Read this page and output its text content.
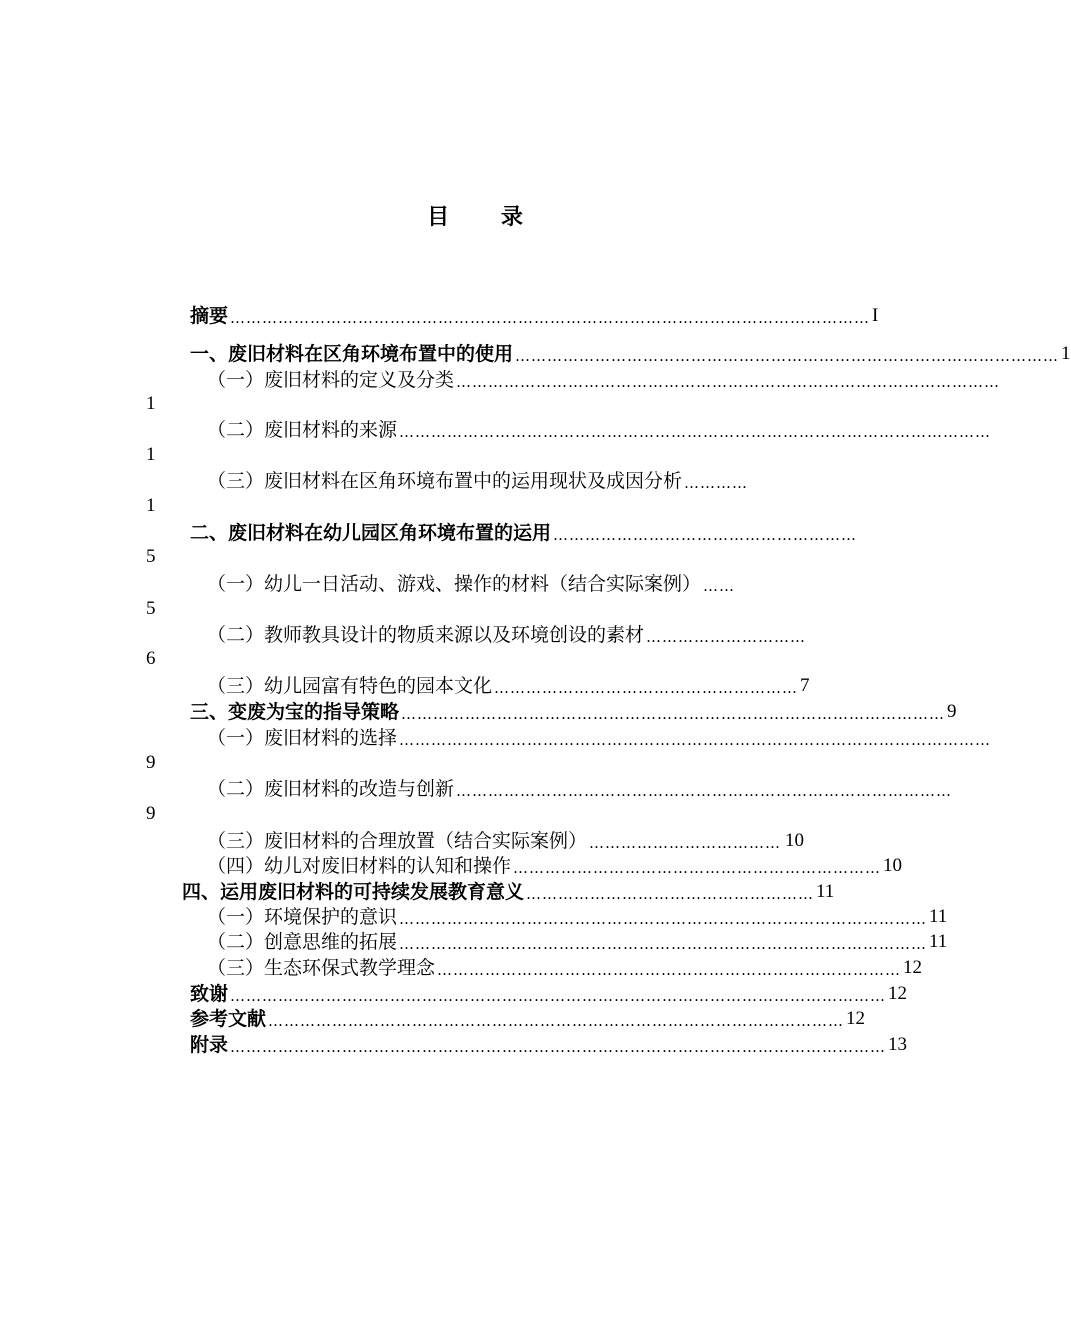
目 录
摘要 ………………………………………………………………………………………………………… I
一、废旧材料在区角环境布置中的使用 ………………………………………………………………………………………… 1
（一）废旧材料的定义及分类 …………………………………………………………………………………………
1
（二）废旧材料的来源 …………………………………………………………………………………………………
1
（三）废旧材料在区角环境布置中的运用现状及成因分析 …………
1
二、废旧材料在幼儿园区角环境布置的运用 …………………………………………………
5
（一）幼儿一日活动、游戏、操作的材料（结合实际案例） ……
5
（二）教师教具设计的物质来源以及环境创设的素材 …………………………
6
（三）幼儿园富有特色的园本文化 ………………………………………………… 7
三、变废为宝的指导策略 ………………………………………………………………………………………… 9
（一）废旧材料的选择 …………………………………………………………………………………………………
9
（二）废旧材料的改造与创新 …………………………………………………………………………………
9
（三）废旧材料的合理放置（结合实际案例） ……………………………… 10
（四）幼儿对废旧材料的认知和操作 …………………………………………………………… 10
四、运用废旧材料的可持续发展教育意义 ……………………………………………… 11
（一）环境保护的意识 ……………………………………………………………………………………… 11
（二）创意思维的拓展 ……………………………………………………………………………………… 11
（三）生态环保式教学理念 …………………………………………………………………………… 12
致谢 …………………………………………………………………………………………………………… 12
参考文献 ……………………………………………………………………………………………… 12
附录 …………………………………………………………………………………………………………… 13
